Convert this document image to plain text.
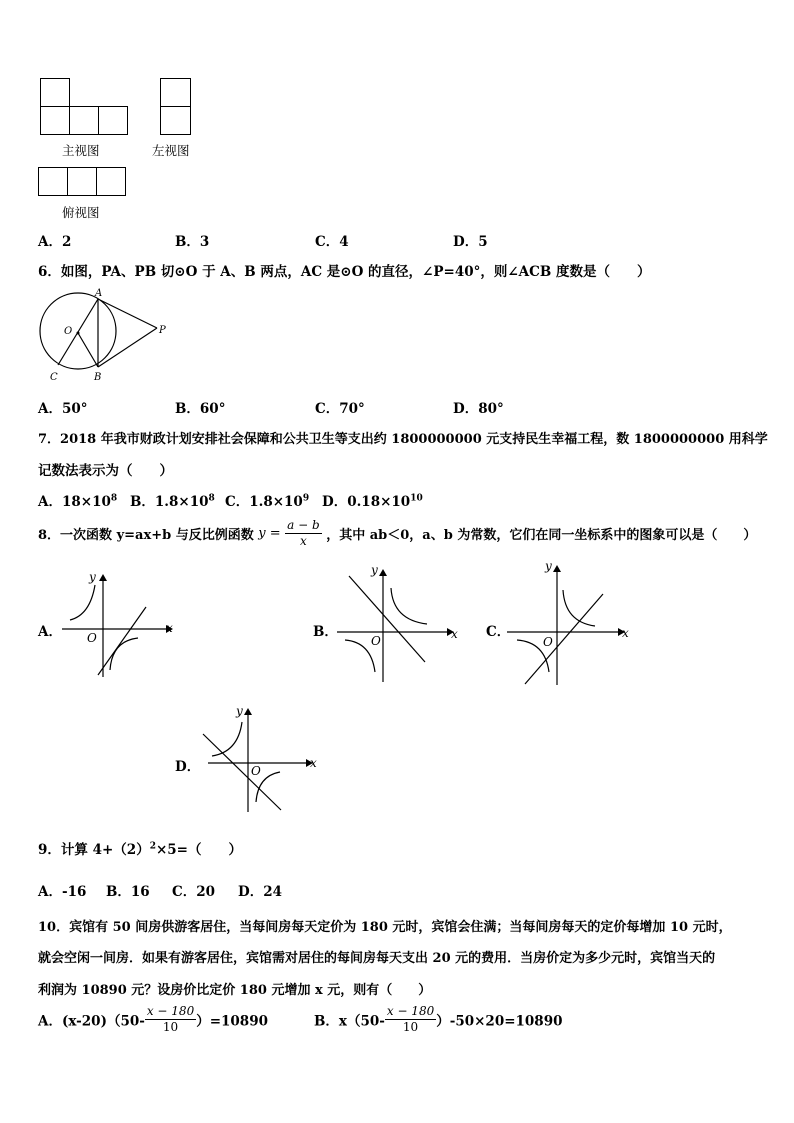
主视图	左视图
俯视图
A．2	B．3	C．4	D．5
6．如图，PA、PB 切⊙O 于 A、B 两点，AC 是⊙O 的直径，∠P=40°，则∠ACB 度数是（　　）
A
O	P
C	B
A．50°	B．60°	C．70°	D．80°
7．2018 年我市财政计划安排社会保障和公共卫生等支出约 1800000000 元支持民生幸福工程，数 1800000000 用科学
记数法表示为（　　）
A．$18\times 10^8$ B．$1.8\times 10^8$ C．$1.8\times 10^9$ D．$0.18\times 10^{10}$
8．一次函数 y=ax+b 与反比例函数 $y = \frac{a - b}{x}$ ，其中 ab＜0，a、b 为常数，它们在同一坐标系中的图象可以是（　　）
A．
y
x
O	B．
y
x
O
C．
y
x
O
D．
y
x
O
9．计算 $4+(2)^2\times 5=$（　　）
A．-16 B．16 C．20 D．24
10．宾馆有 50 间房供游客居住，当每间房每天定价为 180 元时，宾馆会住满；当每间房每天的定价每增加 10 元时，
就会空闲一间房．如果有游客居住，宾馆需对居住的每间房每天支出 20 元的费用．当房价定为多少元时，宾馆当天的
利润为 10890 元？设房价比定价 180 元增加 x 元，则有（　　）
A．$(x-20)(50- \frac{x - 180}{10} )=10890$	B．$x(50- \frac{x - 180}{10} )-50\times 20=10890$
